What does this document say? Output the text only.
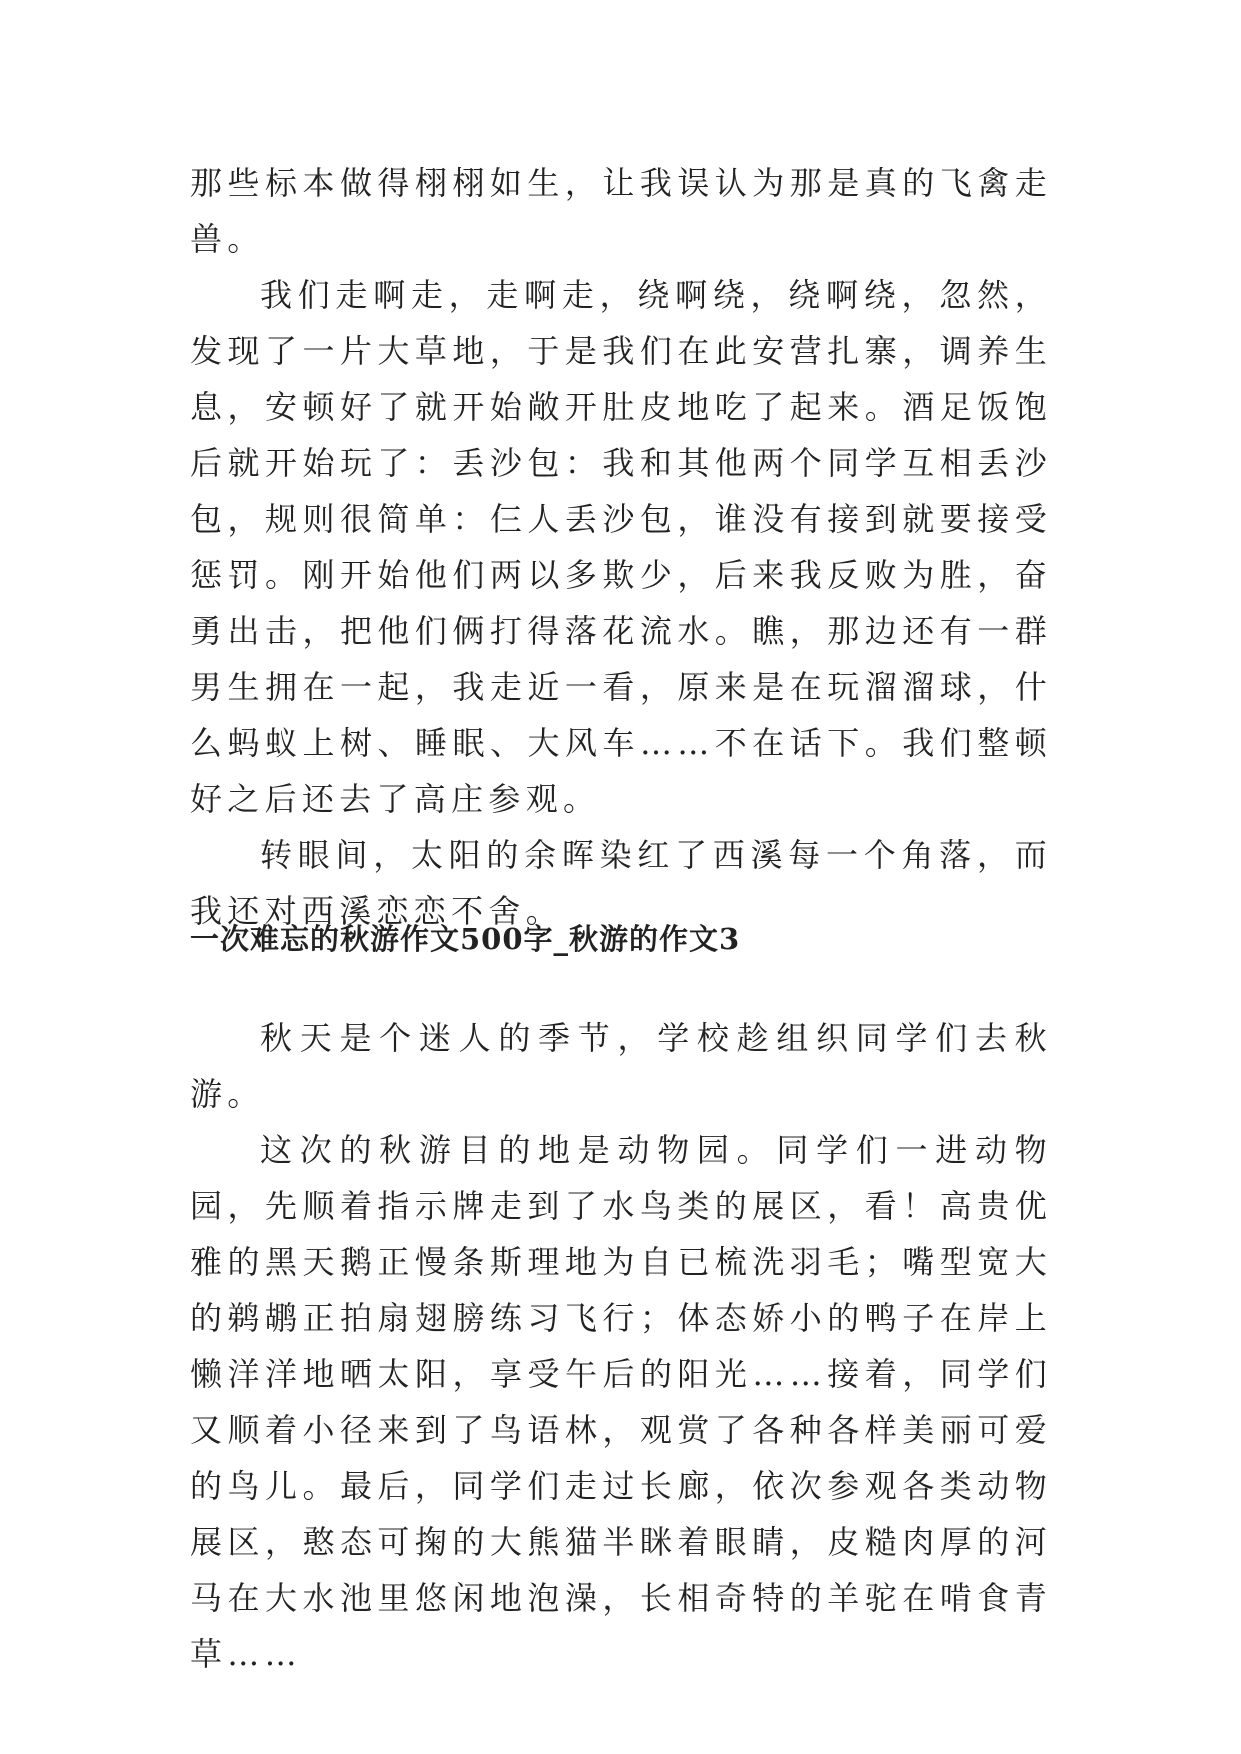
那些标本做得栩栩如生，让我误认为那是真的飞禽走兽。

我们走啊走，走啊走，绕啊绕，绕啊绕，忽然，发现了一片大草地，于是我们在此安营扎寨，调养生息，安顿好了就开始敞开肚皮地吃了起来。酒足饭饱后就开始玩了：丢沙包：我和其他两个同学互相丢沙包，规则很简单：仨人丢沙包，谁没有接到就要接受惩罚。刚开始他们两以多欺少，后来我反败为胜，奋勇出击，把他们俩打得落花流水。瞧，那边还有一群男生拥在一起，我走近一看，原来是在玩溜溜球，什么蚂蚁上树、睡眠、大风车……不在话下。我们整顿好之后还去了高庄参观。

转眼间，太阳的余晖染红了西溪每一个角落，而我还对西溪恋恋不舍。

一次难忘的秋游作文500字_秋游的作文3

秋天是个迷人的季节，学校趁组织同学们去秋游。

这次的秋游目的地是动物园。同学们一进动物园，先顺着指示牌走到了水鸟类的展区，看！高贵优雅的黑天鹅正慢条斯理地为自已梳洗羽毛；嘴型宽大的鹈鹕正拍扇翅膀练习飞行；体态娇小的鸭子在岸上懒洋洋地晒太阳，享受午后的阳光……接着，同学们又顺着小径来到了鸟语林，观赏了各种各样美丽可爱的鸟儿。最后，同学们走过长廊，依次参观各类动物展区，憨态可掬的大熊猫半眯着眼睛，皮糙肉厚的河马在大水池里悠闲地泡澡，长相奇特的羊驼在啃食青草……
